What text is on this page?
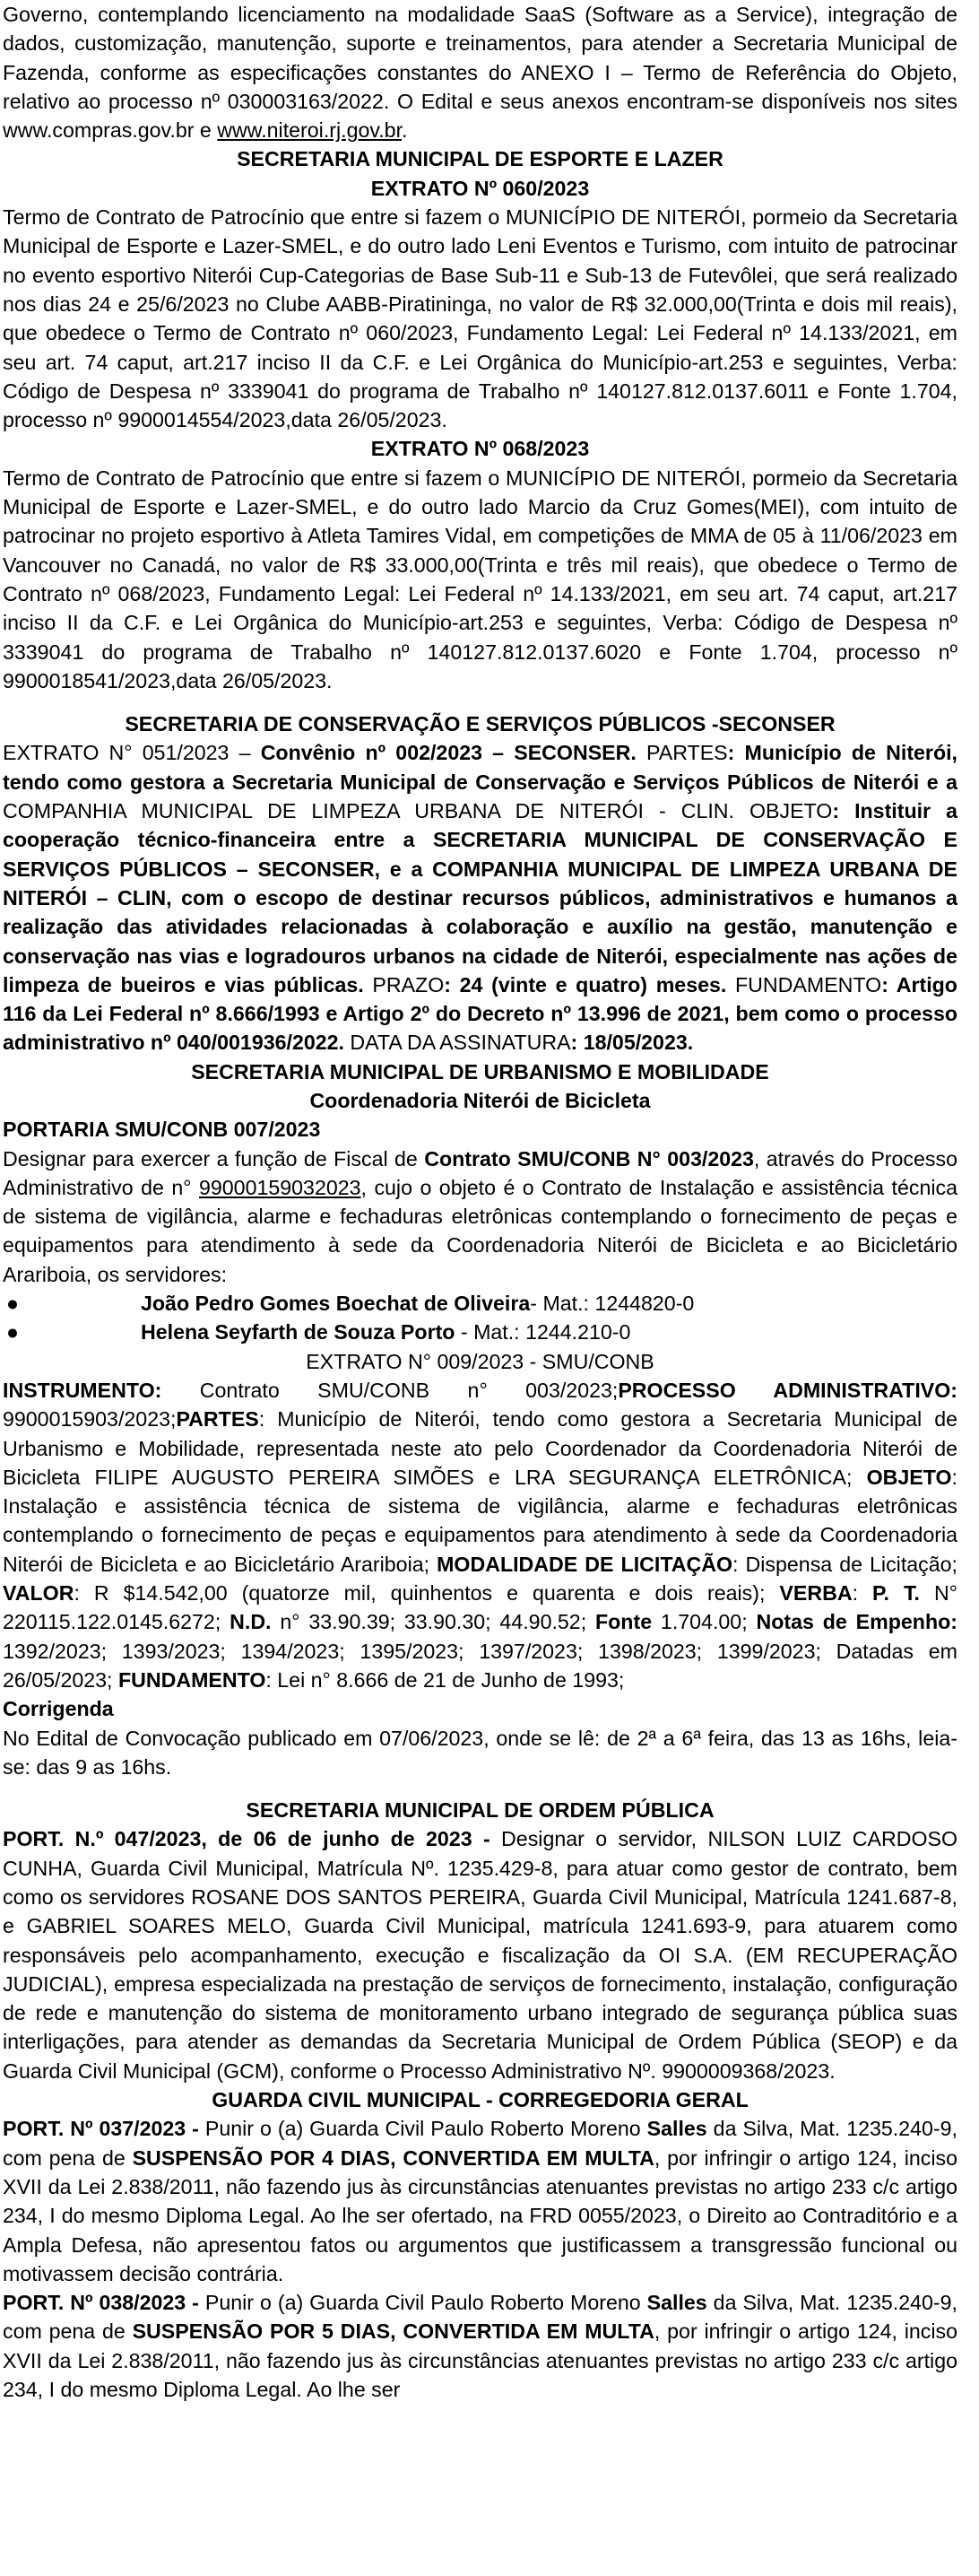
Governo, contemplando licenciamento na modalidade SaaS (Software as a Service), integração de dados, customização, manutenção, suporte e treinamentos, para atender a Secretaria Municipal de Fazenda, conforme as especificações constantes do ANEXO I – Termo de Referência do Objeto, relativo ao processo nº 030003163/2022. O Edital e seus anexos encontram-se disponíveis nos sites www.compras.gov.br e www.niteroi.rj.gov.br.

SECRETARIA MUNICIPAL DE ESPORTE E LAZER

EXTRATO Nº 060/2023

Termo de Contrato de Patrocínio que entre si fazem o MUNICÍPIO DE NITERÓI, pormeio da Secretaria Municipal de Esporte e Lazer-SMEL, e do outro lado Leni Eventos e Turismo, com intuito de patrocinar no evento esportivo Niterói Cup-Categorias de Base Sub-11 e Sub-13 de Futevôlei, que será realizado nos dias 24 e 25/6/2023 no Clube AABB-Piratininga, no valor de R$ 32.000,00(Trinta e dois mil reais), que obedece o Termo de Contrato nº 060/2023, Fundamento Legal: Lei Federal nº 14.133/2021, em seu art. 74 caput, art.217 inciso II da C.F. e Lei Orgânica do Município-art.253 e seguintes, Verba: Código de Despesa nº 3339041 do programa de Trabalho nº 140127.812.0137.6011 e Fonte 1.704, processo nº 9900014554/2023,data 26/05/2023.

EXTRATO Nº 068/2023

Termo de Contrato de Patrocínio que entre si fazem o MUNICÍPIO DE NITERÓI, pormeio da Secretaria Municipal de Esporte e Lazer-SMEL, e do outro lado Marcio da Cruz Gomes(MEI), com intuito de patrocinar no projeto esportivo à Atleta Tamires Vidal, em competições de MMA de 05 à 11/06/2023 em Vancouver no Canadá, no valor de R$ 33.000,00(Trinta e três mil reais), que obedece o Termo de Contrato nº 068/2023, Fundamento Legal: Lei Federal nº 14.133/2021, em seu art. 74 caput, art.217 inciso II da C.F. e Lei Orgânica do Município-art.253 e seguintes, Verba: Código de Despesa nº 3339041 do programa de Trabalho nº 140127.812.0137.6020 e Fonte 1.704, processo nº 9900018541/2023,data 26/05/2023.

SECRETARIA DE CONSERVAÇÃO E SERVIÇOS PÚBLICOS -SECONSER

EXTRATO N° 051/2023 – Convênio nº 002/2023 – SECONSER. PARTES: Município de Niterói, tendo como gestora a Secretaria Municipal de Conservação e Serviços Públicos de Niterói e a COMPANHIA MUNICIPAL DE LIMPEZA URBANA DE NITERÓI - CLIN. OBJETO: Instituir a cooperação técnico-financeira entre a SECRETARIA MUNICIPAL DE CONSERVAÇÃO E SERVIÇOS PÚBLICOS – SECONSER, e a COMPANHIA MUNICIPAL DE LIMPEZA URBANA DE NITERÓI – CLIN, com o escopo de destinar recursos públicos, administrativos e humanos a realização das atividades relacionadas à colaboração e auxílio na gestão, manutenção e conservação nas vias e logradouros urbanos na cidade de Niterói, especialmente nas ações de limpeza de bueiros e vias públicas. PRAZO: 24 (vinte e quatro) meses. FUNDAMENTO: Artigo 116 da Lei Federal nº 8.666/1993 e Artigo 2º do Decreto nº 13.996 de 2021, bem como o processo administrativo nº 040/001936/2022. DATA DA ASSINATURA: 18/05/2023.

SECRETARIA MUNICIPAL DE URBANISMO E MOBILIDADE

Coordenadoria Niterói de Bicicleta

PORTARIA SMU/CONB 007/2023

Designar para exercer a função de Fiscal de Contrato SMU/CONB N° 003/2023, através do Processo Administrativo de n° 99000159032023, cujo o objeto é o Contrato de Instalação e assistência técnica de sistema de vigilância, alarme e fechaduras eletrônicas contemplando o fornecimento de peças e equipamentos para atendimento à sede da Coordenadoria Niterói de Bicicleta e ao Bicicletário Arariboia, os servidores:

●	João Pedro Gomes Boechat de Oliveira- Mat.: 1244820-0

●	Helena Seyfarth de Souza Porto - Mat.: 1244.210-0

EXTRATO N° 009/2023 - SMU/CONB

INSTRUMENTO: Contrato SMU/CONB n° 003/2023;PROCESSO ADMINISTRATIVO: 9900015903/2023;PARTES: Município de Niterói, tendo como gestora a Secretaria Municipal de Urbanismo e Mobilidade, representada neste ato pelo Coordenador da Coordenadoria Niterói de Bicicleta FILIPE AUGUSTO PEREIRA SIMÕES e LRA SEGURANÇA ELETRÔNICA; OBJETO: Instalação e assistência técnica de sistema de vigilância, alarme e fechaduras eletrônicas contemplando o fornecimento de peças e equipamentos para atendimento à sede da Coordenadoria Niterói de Bicicleta e ao Bicicletário Arariboia; MODALIDADE DE LICITAÇÃO: Dispensa de Licitação; VALOR: R $14.542,00 (quatorze mil, quinhentos e quarenta e dois reais); VERBA: P. T. N° 220115.122.0145.6272; N.D. n° 33.90.39; 33.90.30; 44.90.52; Fonte 1.704.00; Notas de Empenho: 1392/2023; 1393/2023; 1394/2023; 1395/2023; 1397/2023; 1398/2023; 1399/2023; Datadas em 26/05/2023; FUNDAMENTO: Lei n° 8.666 de 21 de Junho de 1993;

Corrigenda

No Edital de Convocação publicado em 07/06/2023, onde se lê: de 2ª a 6ª feira, das 13 as 16hs, leia-se: das 9 as 16hs.

SECRETARIA MUNICIPAL DE ORDEM PÚBLICA

PORT. N.º 047/2023, de 06 de junho de 2023 - Designar o servidor, NILSON LUIZ CARDOSO CUNHA, Guarda Civil Municipal, Matrícula Nº. 1235.429-8, para atuar como gestor de contrato, bem como os servidores ROSANE DOS SANTOS PEREIRA, Guarda Civil Municipal, Matrícula 1241.687-8, e GABRIEL SOARES MELO, Guarda Civil Municipal, matrícula 1241.693-9, para atuarem como responsáveis pelo acompanhamento, execução e fiscalização da OI S.A. (EM RECUPERAÇÃO JUDICIAL), empresa especializada na prestação de serviços de fornecimento, instalação, configuração de rede e manutenção do sistema de monitoramento urbano integrado de segurança pública suas interligações, para atender as demandas da Secretaria Municipal de Ordem Pública (SEOP) e da Guarda Civil Municipal (GCM), conforme o Processo Administrativo Nº. 9900009368/2023.

GUARDA CIVIL MUNICIPAL - CORREGEDORIA GERAL

PORT. Nº 037/2023 - Punir o (a) Guarda Civil Paulo Roberto Moreno Salles da Silva, Mat. 1235.240-9, com pena de SUSPENSÃO POR 4 DIAS, CONVERTIDA EM MULTA, por infringir o artigo 124, inciso XVII da Lei 2.838/2011, não fazendo jus às circunstâncias atenuantes previstas no artigo 233 c/c artigo 234, I do mesmo Diploma Legal. Ao lhe ser ofertado, na FRD 0055/2023, o Direito ao Contraditório e a Ampla Defesa, não apresentou fatos ou argumentos que justificassem a transgressão funcional ou motivassem decisão contrária.

PORT. Nº 038/2023 - Punir o (a) Guarda Civil Paulo Roberto Moreno Salles da Silva, Mat. 1235.240-9, com pena de SUSPENSÃO POR 5 DIAS, CONVERTIDA EM MULTA, por infringir o artigo 124, inciso XVII da Lei 2.838/2011, não fazendo jus às circunstâncias atenuantes previstas no artigo 233 c/c artigo 234, I do mesmo Diploma Legal. Ao lhe ser
